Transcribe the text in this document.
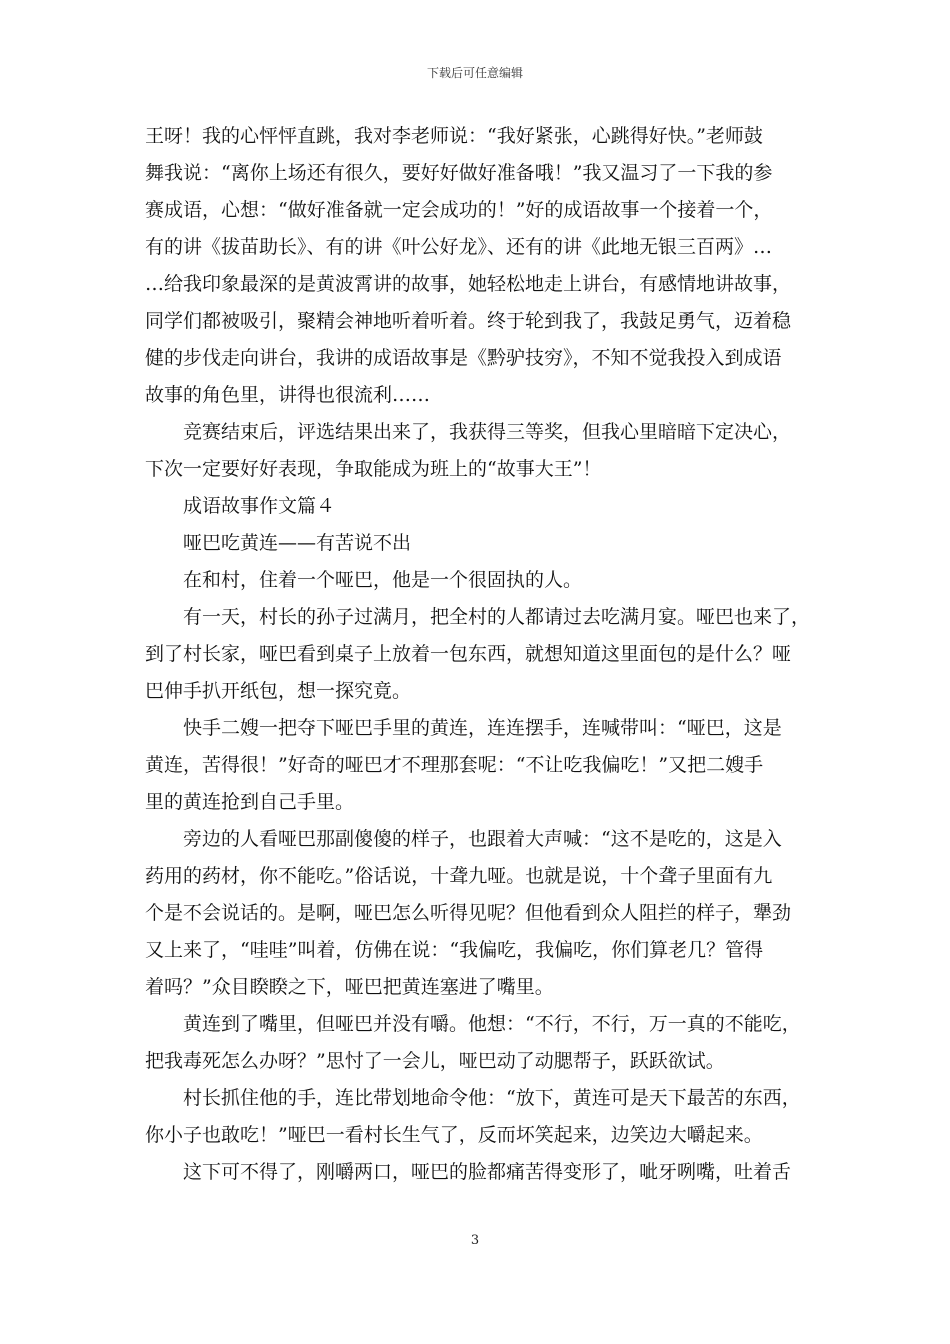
下载后可任意编辑
王呀！我的心怦怦直跳，我对李老师说：“我好紧张，心跳得好快。”老师鼓
舞我说：“离你上场还有很久，要好好做好准备哦！”我又温习了一下我的参
赛成语，心想：“做好准备就一定会成功的！”好的成语故事一个接着一个，
有的讲《拔苗助长》、有的讲《叶公好龙》、还有的讲《此地无银三百两》…
…给我印象最深的是黄波霄讲的故事，她轻松地走上讲台，有感情地讲故事，
同学们都被吸引，聚精会神地听着听着。终于轮到我了，我鼓足勇气，迈着稳
健的步伐走向讲台，我讲的成语故事是《黔驴技穷》，不知不觉我投入到成语
故事的角色里，讲得也很流利……
竞赛结束后，评选结果出来了，我获得三等奖，但我心里暗暗下定决心，
下次一定要好好表现，争取能成为班上的“故事大王”！
成语故事作文篇４
哑巴吃黄连——有苦说不出
在和村，住着一个哑巴，他是一个很固执的人。
有一天，村长的孙子过满月，把全村的人都请过去吃满月宴。哑巴也来了，
到了村长家，哑巴看到桌子上放着一包东西，就想知道这里面包的是什么？哑
巴伸手扒开纸包，想一探究竟。
快手二嫂一把夺下哑巴手里的黄连，连连摆手，连喊带叫：“哑巴，这是
黄连，苦得很！”好奇的哑巴才不理那套呢：“不让吃我偏吃！”又把二嫂手
里的黄连抢到自己手里。
旁边的人看哑巴那副傻傻的样子，也跟着大声喊：“这不是吃的，这是入
药用的药材，你不能吃。”俗话说，十聋九哑。也就是说，十个聋子里面有九
个是不会说话的。是啊，哑巴怎么听得见呢？但他看到众人阻拦的样子，犟劲
又上来了，“哇哇”叫着，仿佛在说：“我偏吃，我偏吃，你们算老几？管得
着吗？”众目睽睽之下，哑巴把黄连塞进了嘴里。
黄连到了嘴里，但哑巴并没有嚼。他想：“不行，不行，万一真的不能吃，
把我毒死怎么办呀？”思忖了一会儿，哑巴动了动腮帮子，跃跃欲试。
村长抓住他的手，连比带划地命令他：“放下，黄连可是天下最苦的东西，
你小子也敢吃！”哑巴一看村长生气了，反而坏笑起来，边笑边大嚼起来。
这下可不得了，刚嚼两口，哑巴的脸都痛苦得变形了，呲牙咧嘴，吐着舌
3
